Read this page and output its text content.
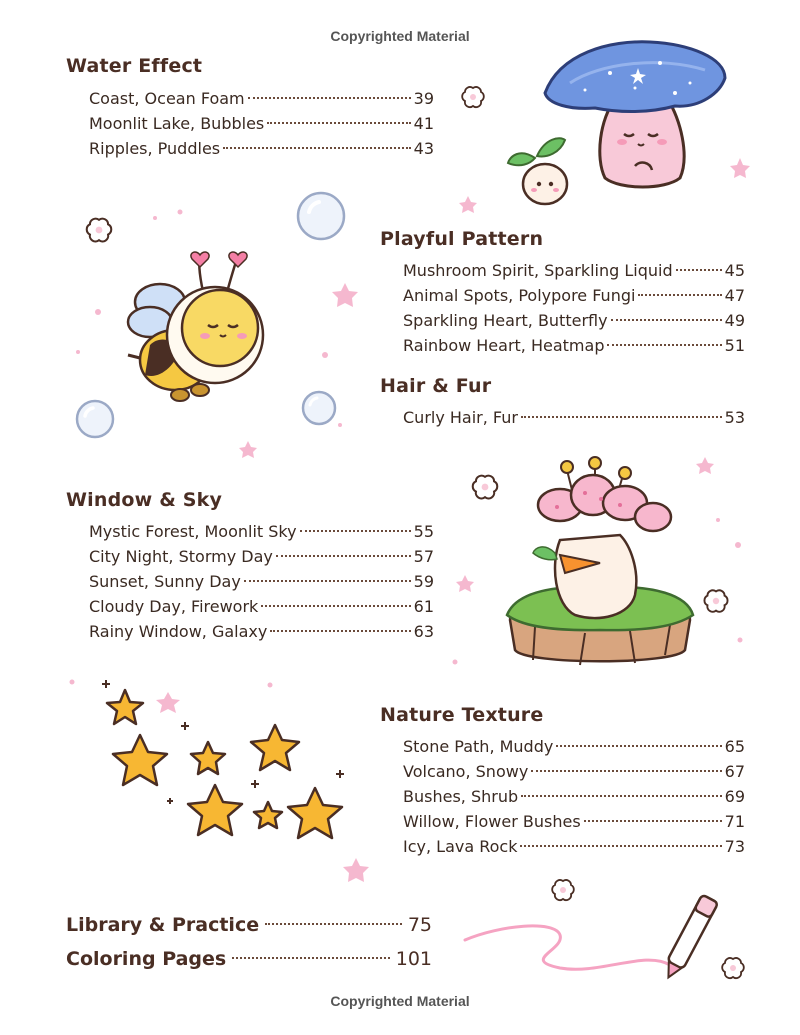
Copyrighted Material
Copyrighted Material
Water Effect
Coast, Ocean Foam	39
Moonlit Lake, Bubbles	41
Ripples, Puddles	43
Playful Pattern
Mushroom Spirit, Sparkling Liquid	45
Animal Spots, Polypore Fungi	47
Sparkling Heart, Butterfly	49
Rainbow Heart, Heatmap	51
Hair & Fur
Curly Hair, Fur	53
Window & Sky
Mystic Forest, Moonlit Sky	55
City Night, Stormy Day	57
Sunset, Sunny Day	59
Cloudy Day, Firework	61
Rainy Window, Galaxy	63
Nature Texture
Stone Path, Muddy	65
Volcano, Snowy	67
Bushes, Shrub	69
Willow, Flower Bushes	71
Icy, Lava Rock	73
Library & Practice	75
Coloring Pages	101
